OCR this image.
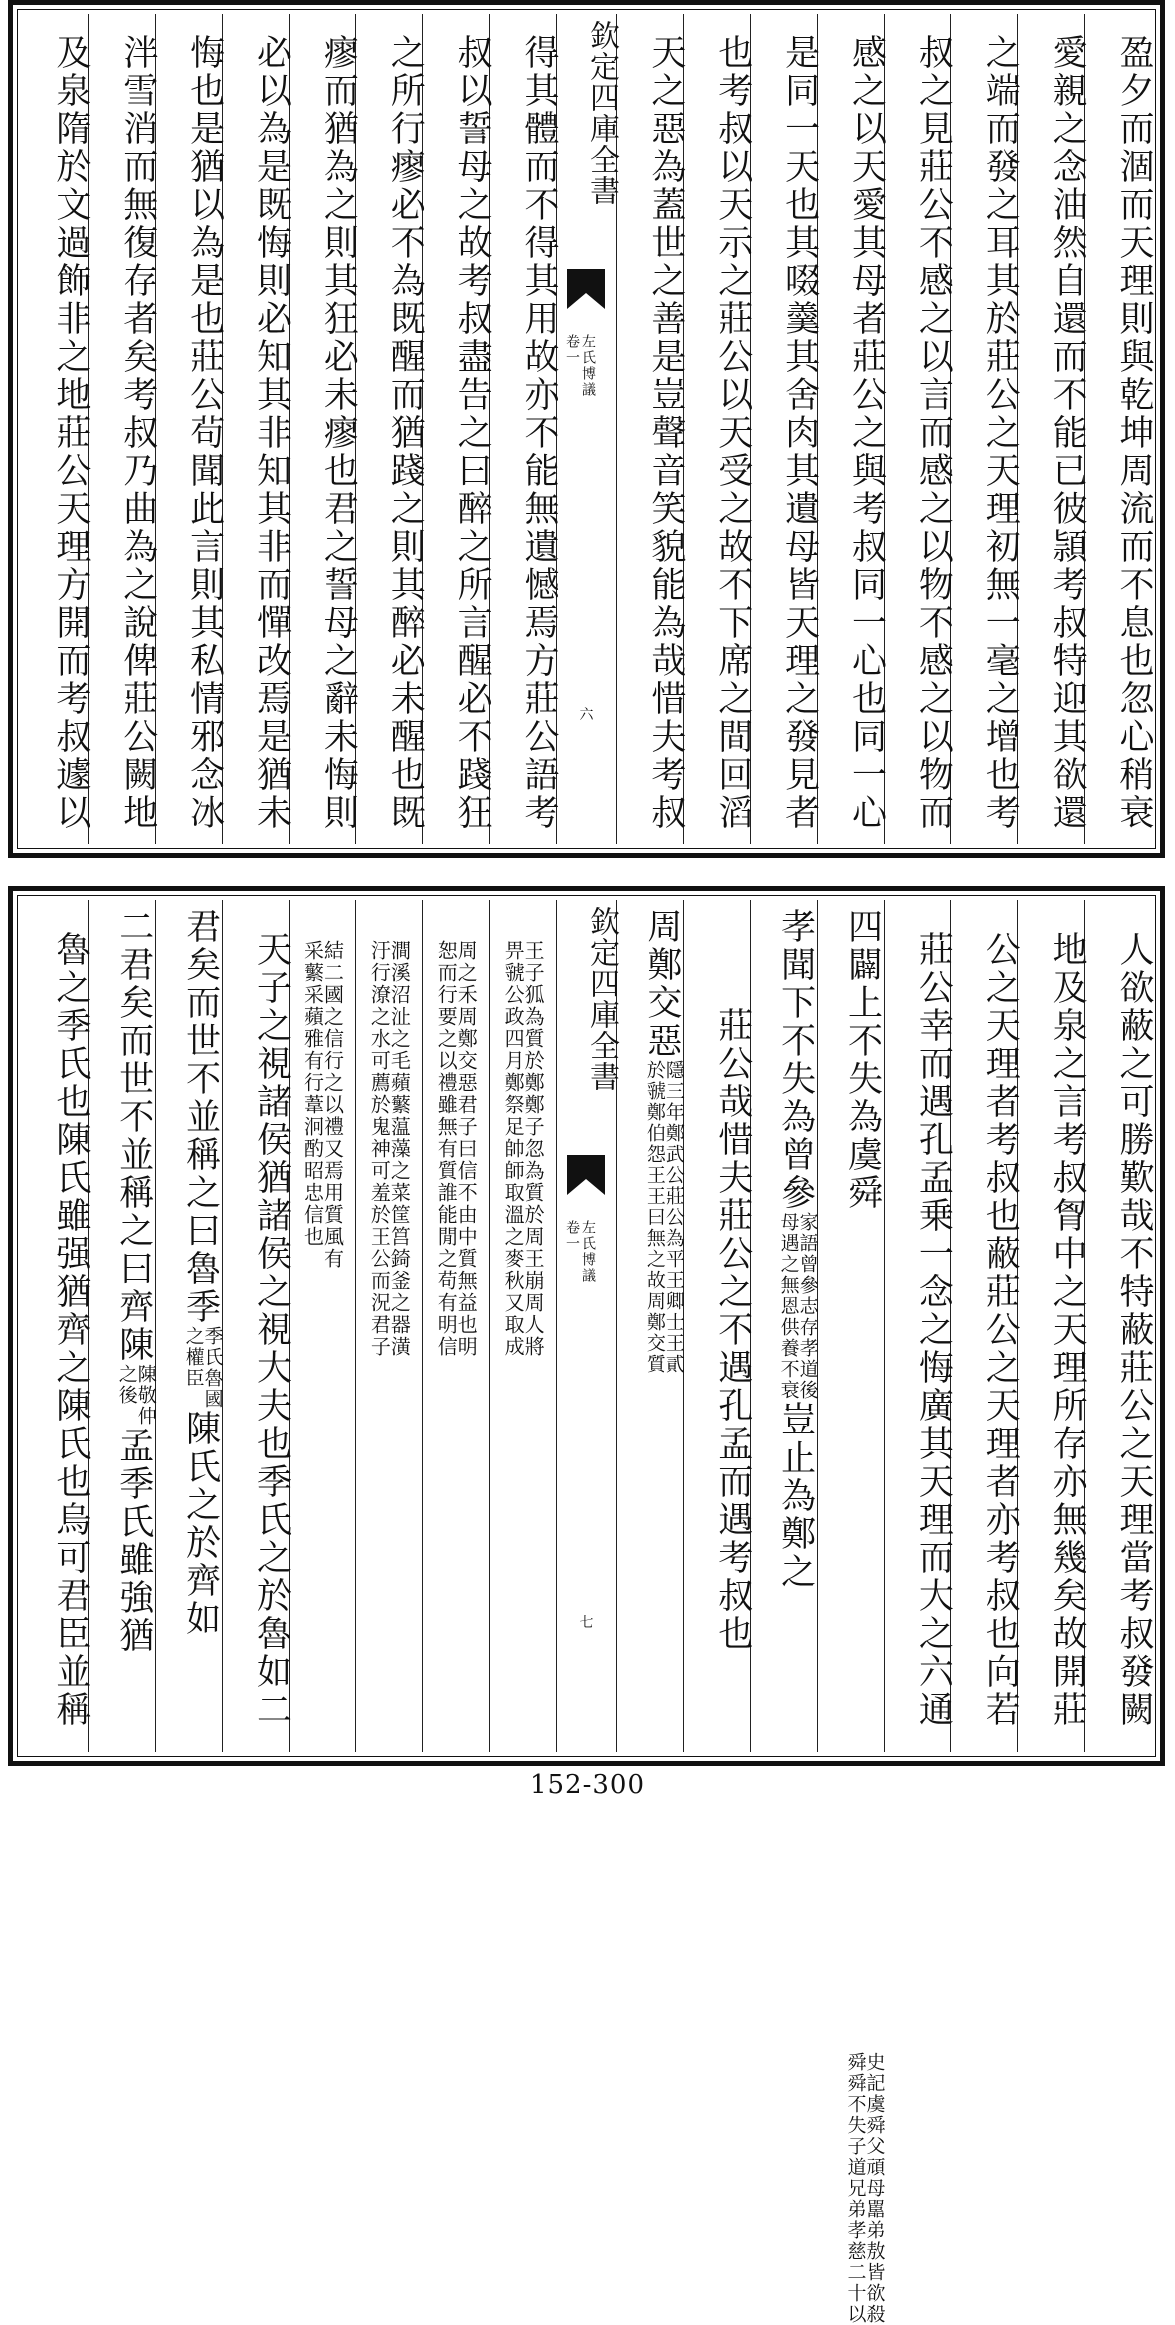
盈夕而涸而天理則與乾坤周流而不息也忽心稍衰
愛親之念油然自還而不能已彼頴考叔特迎其欲還
之端而發之耳其於莊公之天理初無一毫之增也考
叔之見莊公不感之以言而感之以物不感之以物而
感之以天愛其母者莊公之與考叔同一心也同一心
是同一天也其啜羹其舍肉其遺母皆天理之發見者
也考叔以天示之莊公以天受之故不下席之間回滔
天之惡為蓋世之善是豈聲音笑貌能為哉惜夫考叔
欽定四庫全書
左氏博議
卷一
六
得其體而不得其用故亦不能無遺憾焉方莊公語考
叔以誓母之故考叔盡告之曰醉之所言醒必不踐狂
之所行瘳必不為既醒而猶踐之則其醉必未醒也既
瘳而猶為之則其狂必未瘳也君之誓母之辭未悔則
必以為是既悔則必知其非知其非而憚改焉是猶未
悔也是猶以為是也莊公茍聞此言則其私情邪念冰
泮雪消而無復存者矣考叔乃曲為之說俾莊公闕地
及泉隋於文過飾非之地莊公天理方開而考叔遽以
人欲蔽之可勝歎哉不特蔽莊公之天理當考叔發闕
地及泉之言考叔胷中之天理所存亦無幾矣故開莊
公之天理者考叔也蔽莊公之天理者亦考叔也向若
莊公幸而遇孔孟乗一念之悔廣其天理而大之六通
四闢上不失為虞舜
史記虞舜父頑母嚚弟敖皆欲殺
舜舜不失子道兄弟孝慈二十以
孝聞下不失為曾參
家語曾參志存孝道後
母遇之無恩供養不衰
豈止為鄭之
莊公哉惜夫莊公之不遇孔孟而遇考叔也
周鄭交惡
隱三年鄭武公莊公為平王卿士王貳
於虢鄭伯怨王王曰無之故周鄭交質
欽定四庫全書
左氏博議
卷一
七
王子狐為質於鄭鄭子忽為質於周王崩周人將
畀虢公政四月鄭祭足帥師取溫之麥秋又取成
周之禾周鄭交惡君子曰信不由中質無益也明
恕而行要之以禮雖無有質誰能閒之苟有明信
澗溪沼沚之毛蘋蘩蕰藻之菜筐筥錡釜之器潢
汙行潦之水可薦於鬼神可羞於王公而況君子
結二國之信行之以禮又焉用質風有
采蘩采蘋雅有行葦泂酌昭忠信也
天子之視諸侯猶諸侯之視大夫也季氏之於魯如二
君矣而世不並稱之曰魯季
季氏魯國
之權臣
陳氏之於齊如
二君矣而世不並稱之曰齊陳
陳敬仲
之後
孟季氏雖強猶
魯之季氏也陳氏雖强猶齊之陳氏也烏可君臣並稱
152-300
